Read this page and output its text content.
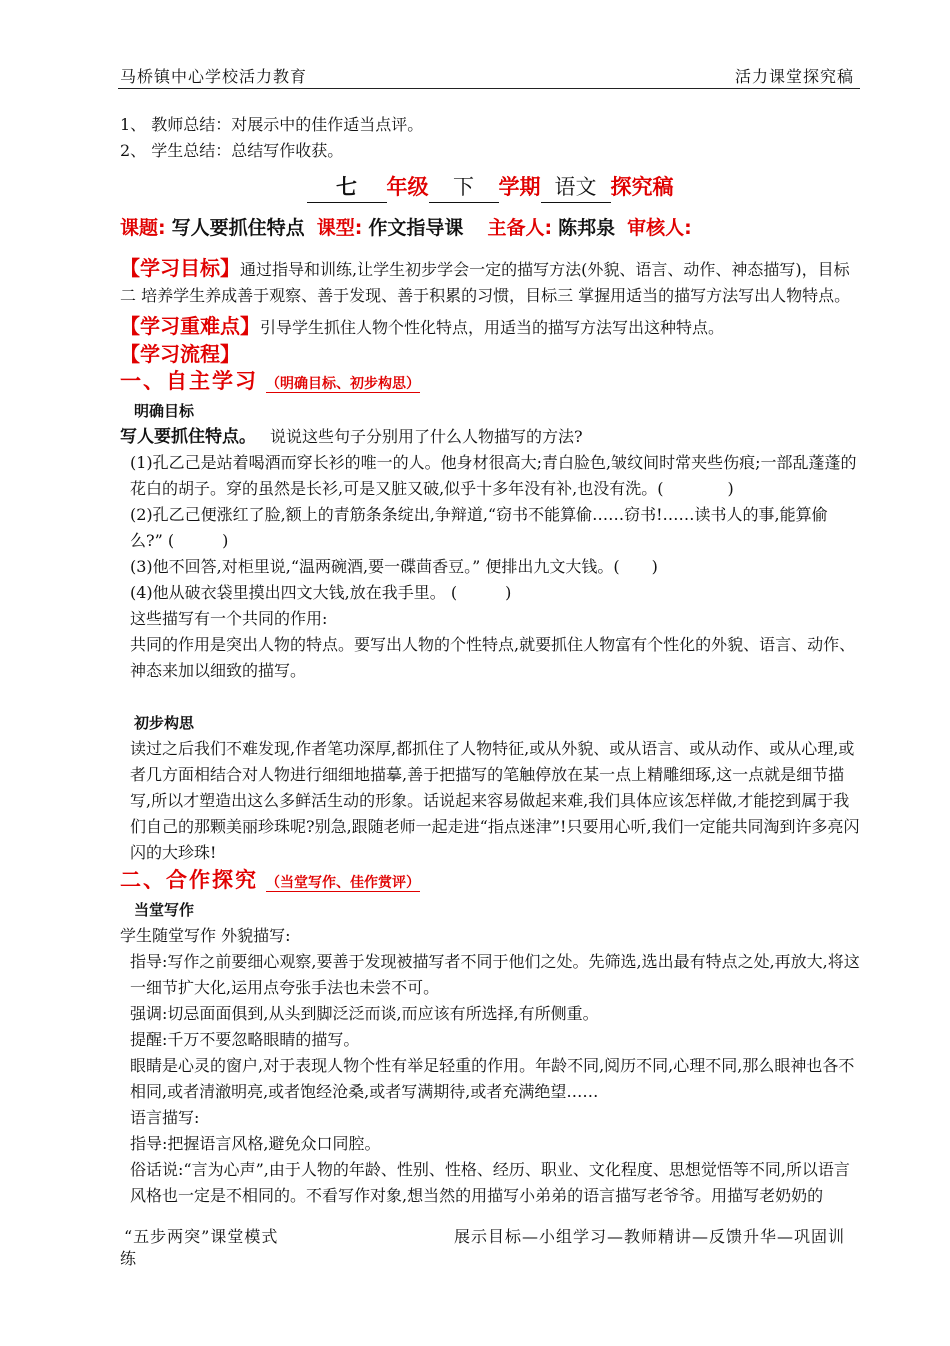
马桥镇中心学校活力教育	活力课堂探究稿

1、 教师总结：对展示中的佳作适当点评。

2、 学生总结：总结写作收获。

七 年级 下 学期 语文 探究稿
课题: 写人要抓住特点 课型: 作文指导课 主备人: 陈邦泉 审核人:

【学习目标】通过指导和训练,让学生初步学会一定的描写方法(外貌、语言、动作、神态描写)，目标二 培养学生养成善于观察、善于发现、善于积累的习惯，目标三 掌握用适当的描写方法写出人物特点。

【学习重难点】引导学生抓住人物个性化特点，用适当的描写方法写出这种特点。

【学习流程】

一、自主学习 （明确目标、初步构思）

明确目标

写人要抓住特点。 说说这些句子分别用了什么人物描写的方法?

(1)孔乙己是站着喝酒而穿长衫的唯一的人。他身材很高大;青白脸色,皱纹间时常夹些伤痕;一部乱蓬蓬的花白的胡子。穿的虽然是长衫,可是又脏又破,似乎十多年没有补,也没有洗。(　　　　)

(2)孔乙己便涨红了脸,额上的青筋条条绽出,争辩道,“窃书不能算偷……窃书!……读书人的事,能算偷么?” (　　　)

(3)他不回答,对柜里说,“温两碗酒,要一碟茴香豆。” 便排出九文大钱。(　　)

(4)他从破衣袋里摸出四文大钱,放在我手里。 (　　　)

这些描写有一个共同的作用:

共同的作用是突出人物的特点。要写出人物的个性特点,就要抓住人物富有个性化的外貌、语言、动作、神态来加以细致的描写。

初步构思

读过之后我们不难发现,作者笔功深厚,都抓住了人物特征,或从外貌、或从语言、或从动作、或从心理,或者几方面相结合对人物进行细细地描摹,善于把描写的笔触停放在某一点上精雕细琢,这一点就是细节描写,所以才塑造出这么多鲜活生动的形象。话说起来容易做起来难,我们具体应该怎样做,才能挖到属于我们自己的那颗美丽珍珠呢?别急,跟随老师一起走进“指点迷津”!只要用心听,我们一定能共同淘到许多亮闪闪的大珍珠!

二、合作探究 （当堂写作、佳作赏评）

当堂写作

学生随堂写作 外貌描写:

指导:写作之前要细心观察,要善于发现被描写者不同于他们之处。先筛选,选出最有特点之处,再放大,将这一细节扩大化,运用点夸张手法也未尝不可。

强调:切忌面面俱到,从头到脚泛泛而谈,而应该有所选择,有所侧重。

提醒:千万不要忽略眼睛的描写。

眼睛是心灵的窗户,对于表现人物个性有举足轻重的作用。年龄不同,阅历不同,心理不同,那么眼神也各不相同,或者清澈明亮,或者饱经沧桑,或者写满期待,或者充满绝望……

语言描写:

指导:把握语言风格,避免众口同腔。

俗话说:“言为心声”,由于人物的年龄、性别、性格、经历、职业、文化程度、思想觉悟等不同,所以语言风格也一定是不相同的。不看写作对象,想当然的用描写小弟弟的语言描写老爷爷。用描写老奶奶的

“五步两突”课堂模式	展示目标—小组学习—教师精讲—反馈升华—巩固训
练
